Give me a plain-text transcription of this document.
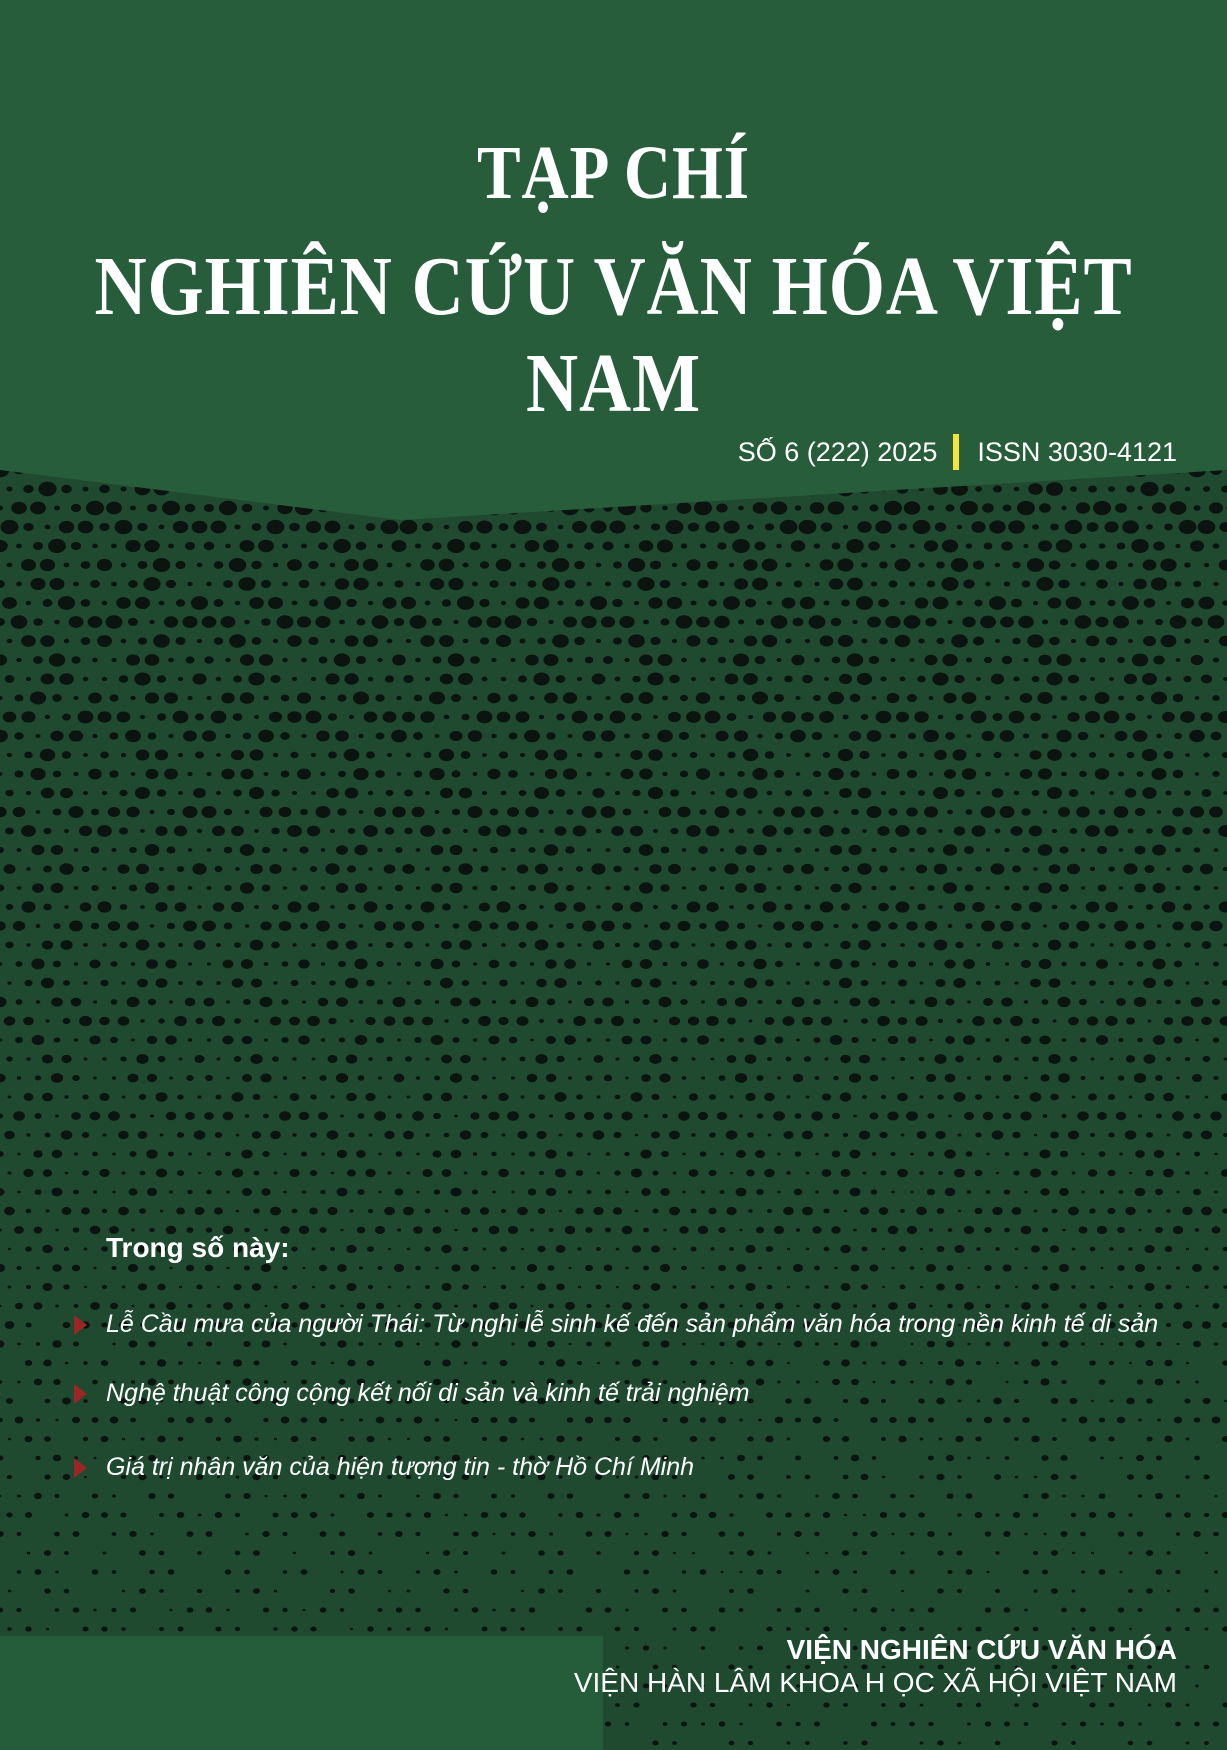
TẠP CHÍ
NGHIÊN CỨU VĂN HÓA VIỆT NAM
SỐ 6 (222) 2025 ISSN 3030-4121
Trong số này:
Lễ Cầu mưa của người Thái: Từ nghi lễ sinh kế đến sản phẩm văn hóa trong nền kinh tế di sản
Nghệ thuật công cộng kết nối di sản và kinh tế trải nghiệm
Giá trị nhân văn của hiện tượng tin - thờ Hồ Chí Minh
VIỆN NGHIÊN CỨU VĂN HÓA
VIỆN HÀN LÂM KHOA H ỌC XÃ HỘI VIỆT NAM
